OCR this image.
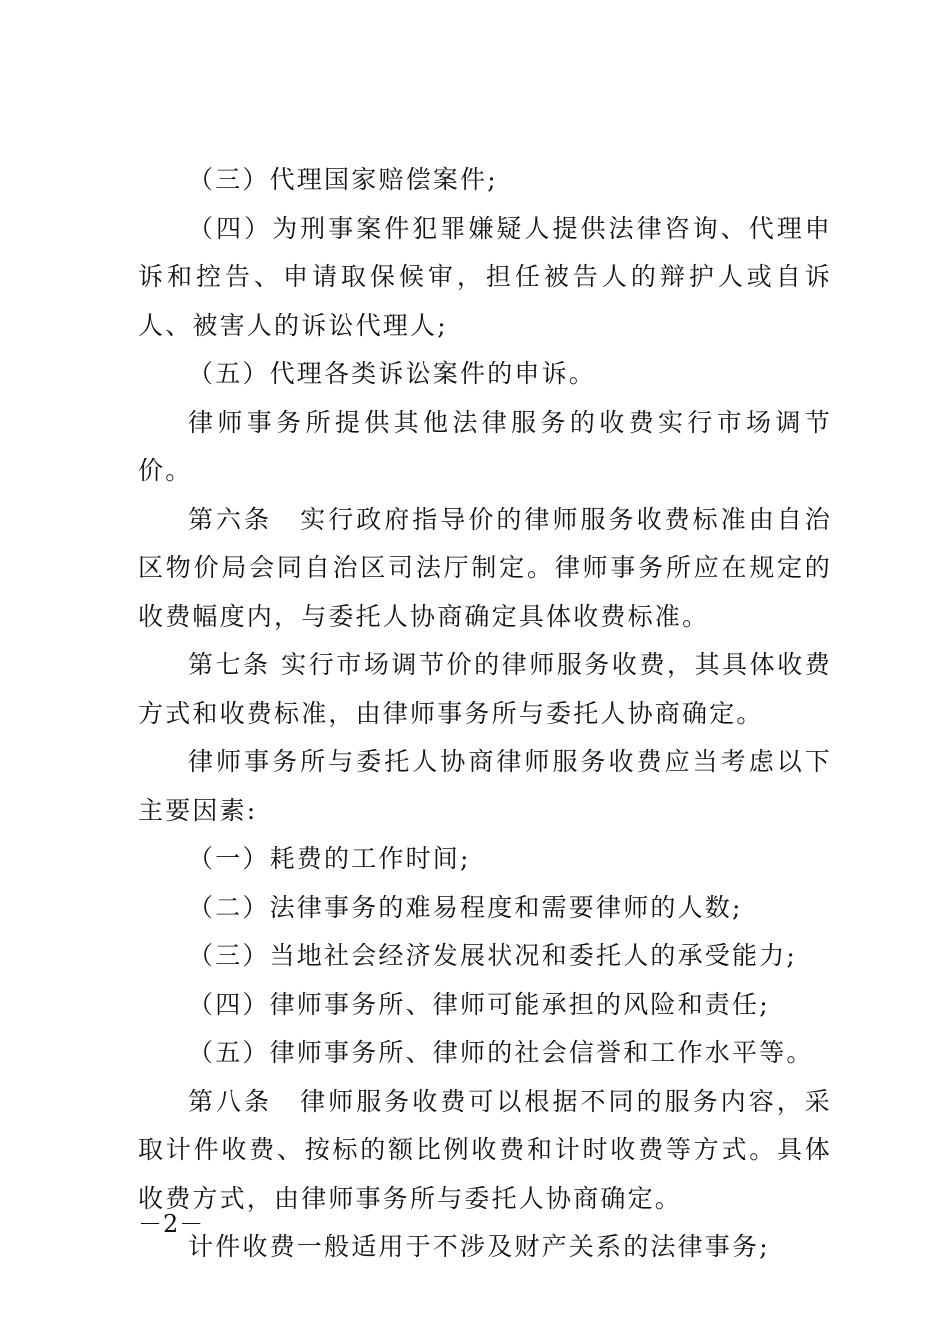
（三）代理国家赔偿案件;

（四）为刑事案件犯罪嫌疑人提供法律咨询、代理申诉和控告、申请取保候审，担任被告人的辩护人或自诉人、被害人的诉讼代理人;

（五）代理各类诉讼案件的申诉。

律师事务所提供其他法律服务的收费实行市场调节价。

第六条　实行政府指导价的律师服务收费标准由自治区物价局会同自治区司法厅制定。律师事务所应在规定的收费幅度内，与委托人协商确定具体收费标准。

第七条 实行市场调节价的律师服务收费，其具体收费方式和收费标准，由律师事务所与委托人协商确定。

律师事务所与委托人协商律师服务收费应当考虑以下主要因素:

（一）耗费的工作时间;

（二）法律事务的难易程度和需要律师的人数;

（三）当地社会经济发展状况和委托人的承受能力;

（四）律师事务所、律师可能承担的风险和责任;

（五）律师事务所、律师的社会信誉和工作水平等。

第八条　律师服务收费可以根据不同的服务内容，采取计件收费、按标的额比例收费和计时收费等方式。具体收费方式，由律师事务所与委托人协商确定。

计件收费一般适用于不涉及财产关系的法律事务;

－2－
